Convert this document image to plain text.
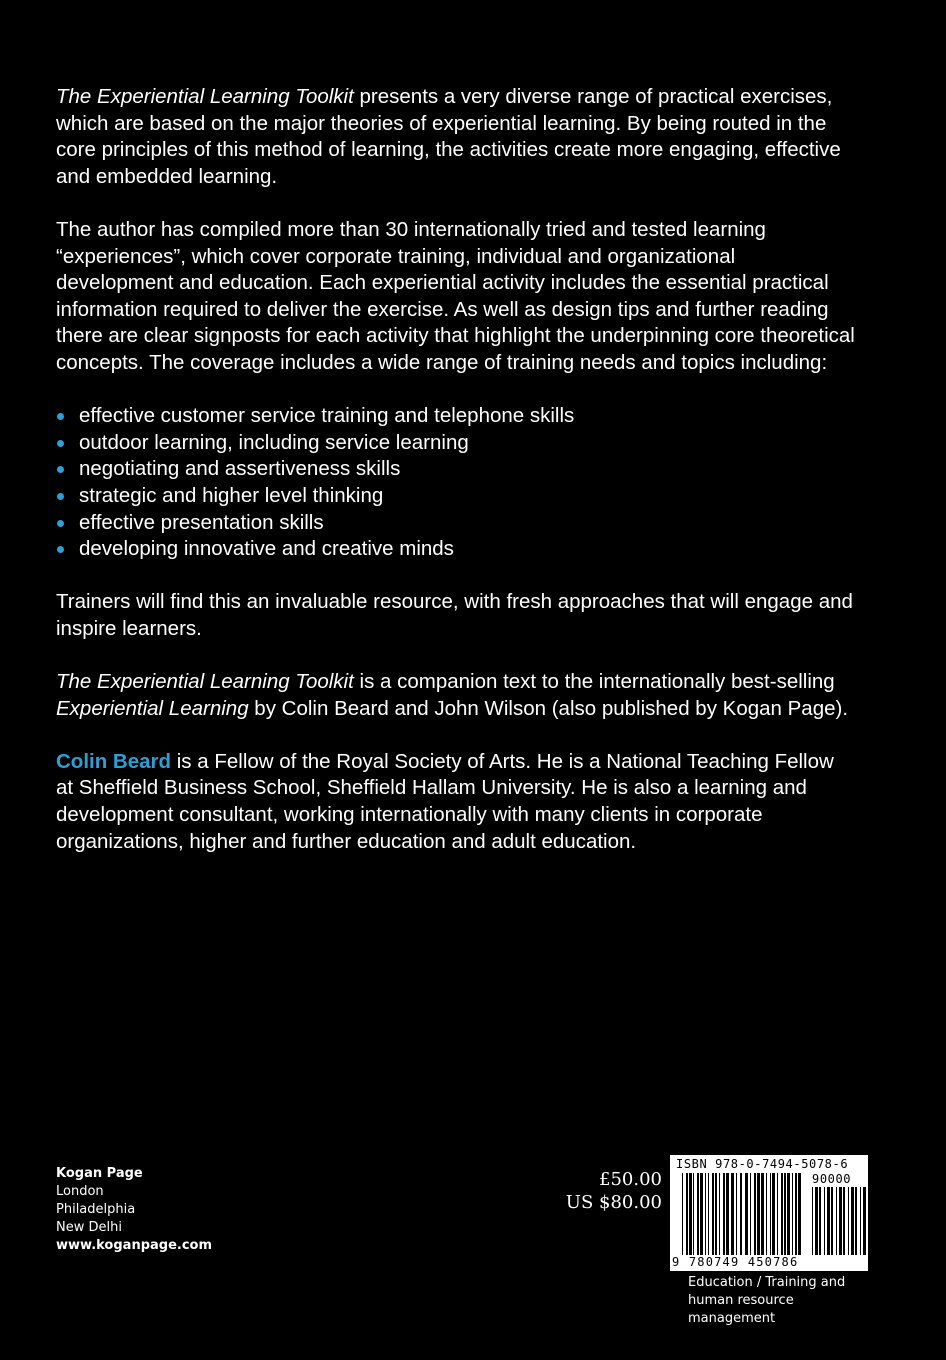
The Experiential Learning Toolkit presents a very diverse range of practical exercises, which are based on the major theories of experiential learning. By being routed in the core principles of this method of learning, the activities create more engaging, effective and embedded learning.

The author has compiled more than 30 internationally tried and tested learning “experiences”, which cover corporate training, individual and organizational development and education. Each experiential activity includes the essential practical information required to deliver the exercise. As well as design tips and further reading there are clear signposts for each activity that highlight the underpinning core theoretical concepts. The coverage includes a wide range of training needs and topics including:

effective customer service training and telephone skills
outdoor learning, including service learning
negotiating and assertiveness skills
strategic and higher level thinking
effective presentation skills
developing innovative and creative minds

Trainers will find this an invaluable resource, with fresh approaches that will engage and inspire learners.

The Experiential Learning Toolkit is a companion text to the internationally best-selling Experiential Learning by Colin Beard and John Wilson (also published by Kogan Page).

Colin Beard is a Fellow of the Royal Society of Arts. He is a National Teaching Fellow at Sheffield Business School, Sheffield Hallam University. He is also a learning and development consultant, working internationally with many clients in corporate organizations, higher and further education and adult education.

Kogan Page
London
Philadelphia
New Delhi
www.koganpage.com
£50.00
US $80.00
ISBN 978-0-7494-5078-6
90000
9 780749 450786
Education / Training and human resource management
